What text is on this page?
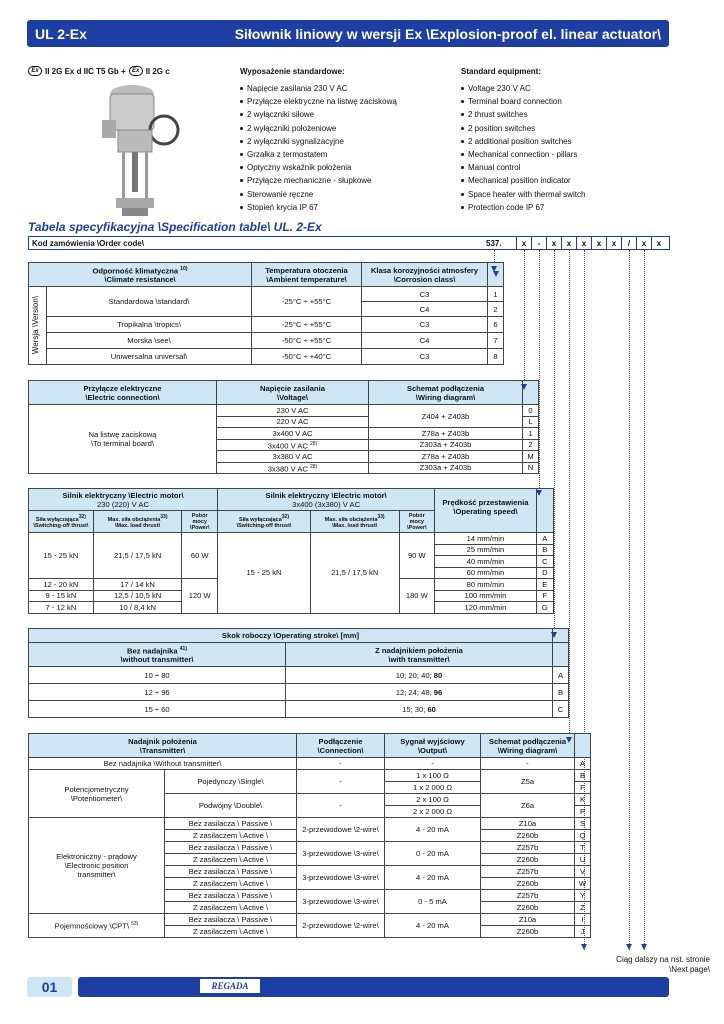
UL 2-Ex	Siłownik liniowy w wersji Ex \Explosion-proof el. linear actuator\
Ex II 2G Ex d IIC T5 Gb +	Ex II 2G c	Wyposażenie standardowe:	Standard equipment:
Napięcie zasilania 230 V AC
Przyłącze elektryczne na listwę zaciskową
2 wyłączniki siłowe
2 wyłączniki położeniowe
2 wyłączniki sygnalizacyjne
Grzałka z termostatem
Optyczny wskaźnik położenia
Przyłącze mechaniczne - słupkowe
Sterowanie ręczne
Stopień krycia IP 67
Voltage 230 V AC
Terminal board connection
2 thrust switches
2 position switches
2 additional position switches
Mechanical connection - pillars
Manual control
Mechanical position indicator
Space heater with thermal switch
Protection code IP 67
Tabela specyfikacyjna \Specification table\ UL. 2-Ex
Kod zamówienia \Order code\	537.	x	-	x	x	x	x	x	/	x	x
Odporność klimatyczna $^{10)}$
\Climate resistance\		Temperatura otoczenia
\Ambient temperature\	Klasa korozyjności atmosfery
\Corrosion class\	

Wersja \Version\	Standardowa \standard\	-25°C ÷ +55°C	C3	1
			C4	2
	Tropikalna \tropics\	-25°C ÷ +55°C	C3	6
	Morska \see\	-50°C ÷ +55°C	C4	7
	Uniwersalna universal\	-50°C ÷ +40°C	C3	8
Przyłącze elektryczne
\Electric connection\	Napięcie zasilania
\Voltage\	Schemat podłączenia
\Wiring diagram\	
Na listwę zaciskową
\To terminal board\	230 V AC	Z404 + Z403b	0
	220 V AC		L
	3x400 V AC	Z78a + Z403b	1
	3x400 V AC $^{28)}$	Z303a + Z403b	2
	3x380 V AC	Z78a + Z403b	M
	3x380 V AC $^{28)}$	Z303a + Z403b	N
Silnik elektryczny \Electric motor\
230 (220) V AC			Silnik elektryczny \Electric motor\
3x400 (3x380) V AC			Prędkość przestawienia
\Operating speed\	
Siła wyłączająca32)
\Switching-off thrust\	Max. siła obciążenia33)
\Max. load thrust\	Pobór mocy \Power\	Siła wyłączająca32)
\Switching-off thrust\	Max. siła obciążenia33)
\Max. load thrust\	Pobór mocy \Power\		
15 - 25 kN	21,5 / 17,5 kN	60 W	15 - 25 kN	21,5 / 17,5 kN	90 W	14 mm/min	A
						25 mm/min	B
						40 mm/min	C
						60 mm/min	D
12 - 20 kN	17 / 14 kN	120 W			180 W	80 mm/min	E
9 - 15 kN	12,5 / 10,5 kN					100 mm/min	F
7 - 12 kN	10 / 8,4 kN					120 mm/min	G
Skok roboczy \Operating stroke\ [mm]		
Bez nadajnika $^{41)}$
\without transmitter\	Z nadajnikiem położenia
\with transmitter\	
10 ÷ 80	10; 20; 40; 80	A
12 ÷ 96	12; 24; 48; 96	B
15 ÷ 60	15; 30; 60	C
Nadajnik położenia
\Transmitter\		Podłączenie
\Connection\	Sygnał wyjściowy
\Output\	Schemat podłączenia
\Wiring diagram\	
Bez nadajnika \Without transmitter\		-	-	-	A
Potencjometryczny
\Potentiometer\	Pojedynczy \Single\	-	1 x 100 Ω	Z5a	B
			1 x 2 000 Ω		F
	Podwójny \Double\	-	2 x 100 Ω	Z6a	K
			2 x 2 000 Ω		P
Elektroniczny - prądowy
\Electronic position
transmitter\	Bez zasilacza \ Passive \	2-przewodowe \2-wire\	4 - 20 mA	Z10a	S
	Z zasilaczem \ Active \			Z260b	Q
	Bez zasilacza \ Passive \	3-przewodowe \3-wire\	0 - 20 mA	Z257b	T
	Z zasilaczem \ Active \			Z260b	U
	Bez zasilacza \ Passive \	3-przewodowe \3-wire\	4 - 20 mA	Z257b	V
	Z zasilaczem \ Active \			Z260b	W
	Bez zasilacza \ Passive \	3-przewodowe \3-wire\	0 - 5 mA	Z257b	Y
	Z zasilaczem \ Active \			Z260b	Z
Pojemnościowy \CPT\ $^{53)}$	Bez zasilacza \ Passive \	2-przewodowe \2-wire\	4 - 20 mA	Z10a	I
	Z zasilaczem \ Active \			Z260b	J
Ciąg dalszy na nst. stronie
\Next page\
01	REGADA
